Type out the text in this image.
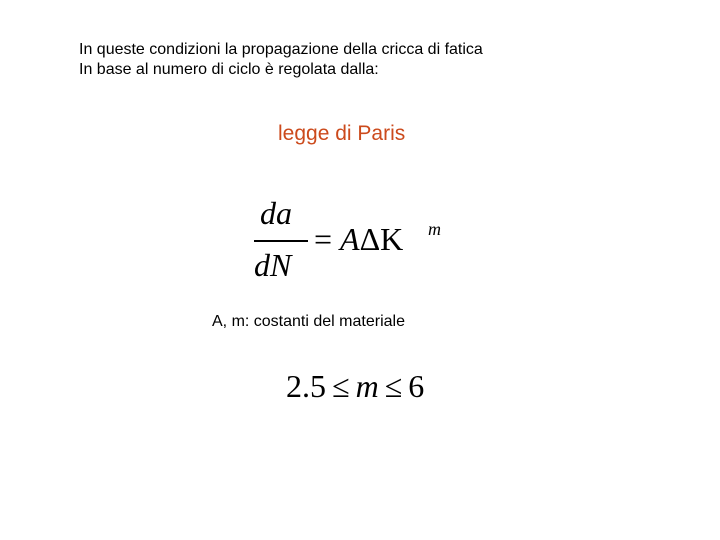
In queste condizioni la propagazione della cricca di fatica
In base al numero di ciclo è regolata dalla:
legge di Paris
da
dN
= AΔK m
A, m: costanti del materiale
2.5 ≤ m ≤ 6
